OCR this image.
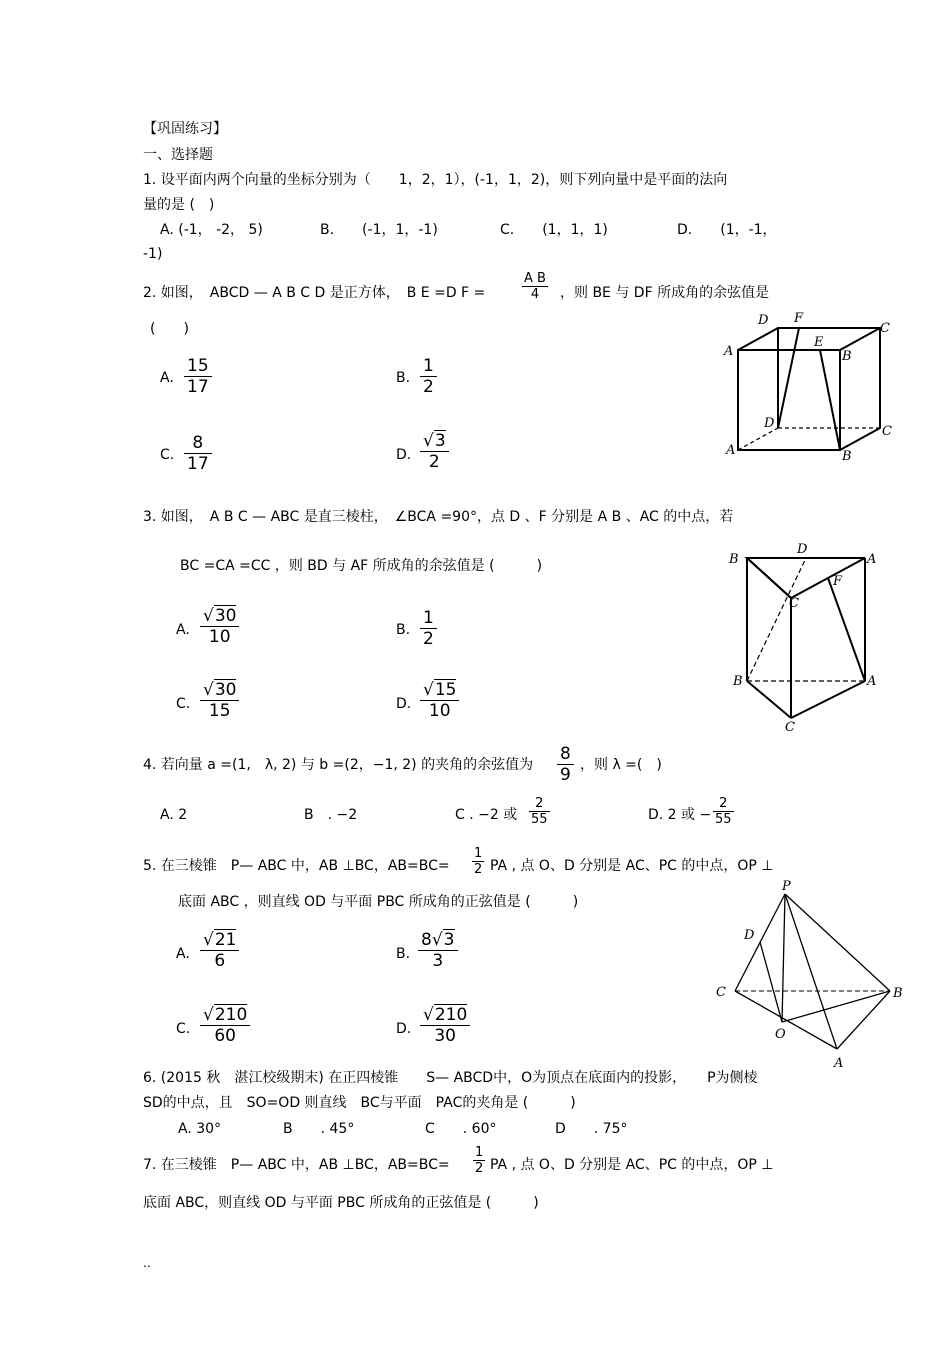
【巩固练习】
一、选择题
1. 设平面内两个向量的坐标分别为（　　1，2，1），(-1，1，2)，则下列向量中是平面的法向
量的是 (　)
A. (-1， -2， 5)	B.　　(-1，1，-1)	C.　　(1，1，1)	D.　　(1，-1，
-1)
2. 如图，　ABCD — A B C D 是正方体，　B E =D F =	$\frac{\text{A B}}{4}$ ，则 BE 与 DF 所成角的余弦值是
(　　)
A. $\frac{15}{17}$	B. $\frac{1}{2}$
C. $\frac{8}{17}$	D. $\frac{√3}{2}$
D F
C
A
E
B
D
C
A	B
3. 如图，　A B C — ABC 是直三棱柱，　∠BCA =90°，点 D 、F 分别是 A B 、AC 的中点，若
BC =CA =CC ，则 BD 与 AF 所成角的余弦值是 (　　　)
A. $\frac{√30}{10}$	B. $\frac{1}{2}$
C. $\frac{√30}{15}$	D. $\frac{√15}{10}$
B
D
A
F
C
B	A
C
4. 若向量 a =(1,　λ, 2) 与 b =(2，−1, 2) 的夹角的余弦值为 $\frac{8}{9}$ ，则 λ =(　)
A. 2	B　. −2	C . −2 或 $\frac{2}{55}$	D. 2 或 − $\frac{2}{55}$
5. 在三棱锥　P— ABC 中，AB ⊥BC，$AB=BC= \frac{1}{2}$ PA , 点 O、D 分别是 AC、PC 的中点，OP ⊥
底面 ABC ，则直线 OD 与平面 PBC 所成角的正弦值是 (　　　)
A. $\frac{√21}{6}$	B. $\frac{8√3}{3}$
C. $\frac{√210}{60}$	D. $\frac{√210}{30}$
P
D
C	B
O
A
6. (2015 秋　湛江校级期末) 在正四棱锥　　S— ABCD中，O为顶点在底面内的投影，　　P为侧棱
SD的中点，且　SO=OD 则直线　BC与平面　PAC的夹角是 (　　　)
A. 30°	B　　. 45°	C　　. 60°	D　　. 75°
7. 在三棱锥　P— ABC 中，AB ⊥BC，$AB=BC= \frac{1}{2}$ PA , 点 O、D 分别是 AC、PC 的中点，OP ⊥
底面 ABC，则直线 OD 与平面 PBC 所成角的正弦值是 (　　　)
..
